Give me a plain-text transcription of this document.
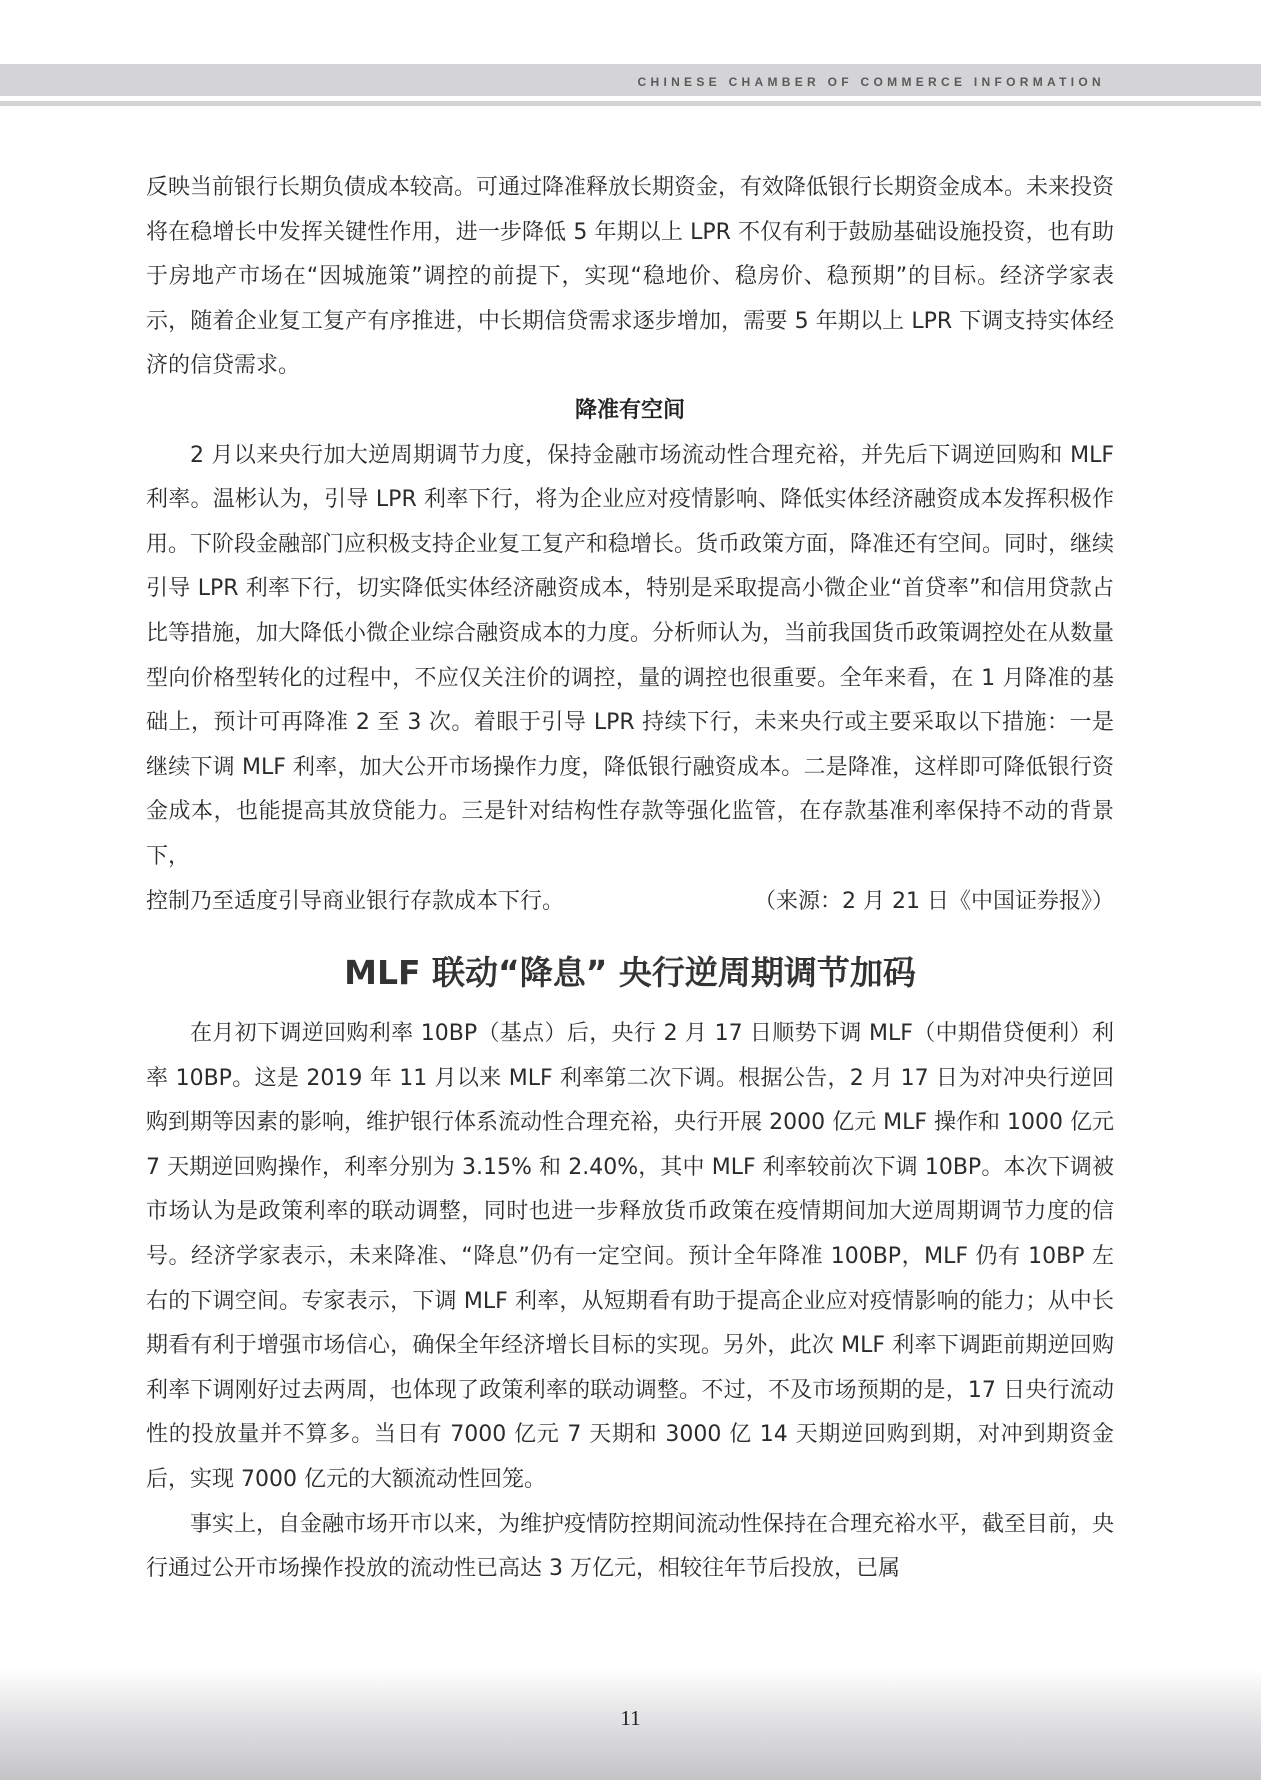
CHINESE CHAMBER OF COMMERCE INFORMATION

反映当前银行长期负债成本较高。可通过降准释放长期资金，有效降低银行长期资金成本。未来投资将在稳增长中发挥关键性作用，进一步降低 5 年期以上 LPR 不仅有利于鼓励基础设施投资，也有助于房地产市场在“因城施策”调控的前提下，实现“稳地价、稳房价、稳预期”的目标。经济学家表示，随着企业复工复产有序推进，中长期信贷需求逐步增加，需要 5 年期以上 LPR 下调支持实体经济的信贷需求。

降准有空间

2 月以来央行加大逆周期调节力度，保持金融市场流动性合理充裕，并先后下调逆回购和 MLF 利率。温彬认为，引导 LPR 利率下行，将为企业应对疫情影响、降低实体经济融资成本发挥积极作用。下阶段金融部门应积极支持企业复工复产和稳增长。货币政策方面，降准还有空间。同时，继续引导 LPR 利率下行，切实降低实体经济融资成本，特别是采取提高小微企业“首贷率”和信用贷款占比等措施，加大降低小微企业综合融资成本的力度。分析师认为，当前我国货币政策调控处在从数量型向价格型转化的过程中，不应仅关注价的调控，量的调控也很重要。全年来看，在 1 月降准的基础上，预计可再降准 2 至 3 次。着眼于引导 LPR 持续下行，未来央行或主要采取以下措施：一是继续下调 MLF 利率，加大公开市场操作力度，降低银行融资成本。二是降准，这样即可降低银行资金成本，也能提高其放贷能力。三是针对结构性存款等强化监管，在存款基准利率保持不动的背景下，

控制乃至适度引导商业银行存款成本下行。	（来源：2 月 21 日《中国证券报》）
MLF 联动“降息” 央行逆周期调节加码

在月初下调逆回购利率 10BP（基点）后，央行 2 月 17 日顺势下调 MLF（中期借贷便利）利率 10BP。这是 2019 年 11 月以来 MLF 利率第二次下调。根据公告，2 月 17 日为对冲央行逆回购到期等因素的影响，维护银行体系流动性合理充裕，央行开展 2000 亿元 MLF 操作和 1000 亿元 7 天期逆回购操作，利率分别为 3.15% 和 2.40%，其中 MLF 利率较前次下调 10BP。本次下调被市场认为是政策利率的联动调整，同时也进一步释放货币政策在疫情期间加大逆周期调节力度的信号。经济学家表示，未来降准、“降息”仍有一定空间。预计全年降准 100BP，MLF 仍有 10BP 左右的下调空间。专家表示，下调 MLF 利率，从短期看有助于提高企业应对疫情影响的能力；从中长期看有利于增强市场信心，确保全年经济增长目标的实现。另外，此次 MLF 利率下调距前期逆回购利率下调刚好过去两周，也体现了政策利率的联动调整。不过，不及市场预期的是，17 日央行流动性的投放量并不算多。当日有 7000 亿元 7 天期和 3000 亿 14 天期逆回购到期，对冲到期资金后，实现 7000 亿元的大额流动性回笼。

事实上，自金融市场开市以来，为维护疫情防控期间流动性保持在合理充裕水平，截至目前，央行通过公开市场操作投放的流动性已高达 3 万亿元，相较往年节后投放，已属

11
